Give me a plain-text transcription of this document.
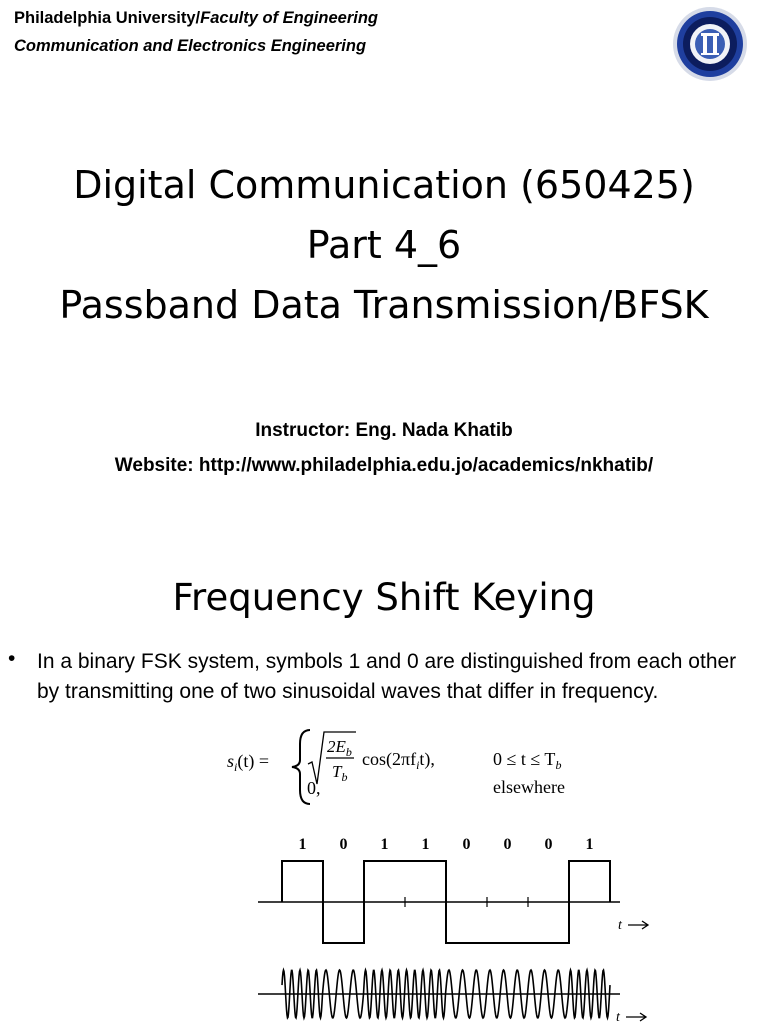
Philadelphia University/Faculty of Engineering
Communication and Electronics Engineering
Digital Communication (650425)
Part 4_6
Passband Data Transmission/BFSK
Instructor: Eng. Nada Khatib
Website: http://www.philadelphia.edu.jo/academics/nkhatib/
Frequency Shift Keying
• In a binary FSK system, symbols 1 and 0 are distinguished from each other by transmitting one of two sinusoidal waves that differ in frequency.
$s_i(t)$ =
$2E_b$
$T_b$
$\cos(2\pi f_it)$,	$0 \le t \le T_b$
0,	elsewhere
1 0 1 1 0 0 0 1
t
t
